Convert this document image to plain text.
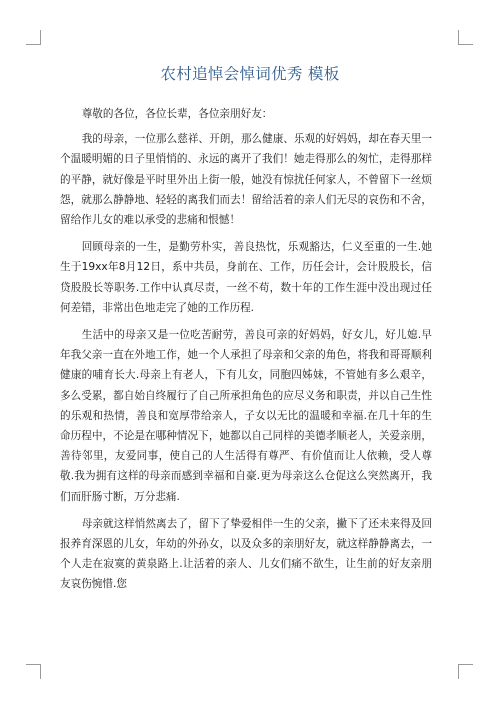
农村追悼会悼词优秀 模板

尊敬的各位，各位长辈，各位亲朋好友：

我的母亲，一位那么慈祥、开朗，那么健康、乐观的好妈妈，却在春天里一个温暖明媚的日子里悄悄的、永远的离开了我们！她走得那么的匆忙，走得那样的平静，就好像是平时里外出上街一般，她没有惊扰任何家人，不曾留下一丝烦怨，就那么静静地、轻轻的离我们而去！留给活着的亲人们无尽的哀伤和不舍，留给作儿女的难以承受的悲痛和恨憾！

回顾母亲的一生，是勤劳朴实，善良热忱，乐观豁达，仁义至重的一生.她生于19xx年8月12日，系中共员，身前在、工作，历任会计，会计股股长，信贷股股长等职务.工作中认真尽责，一丝不苟，数十年的工作生涯中没出现过任何差错，非常出色地走完了她的工作历程.

生活中的母亲又是一位吃苦耐劳，善良可亲的好妈妈，好女儿，好儿媳.早年我父亲一直在外地工作，她一个人承担了母亲和父亲的角色，将我和哥哥顺利健康的哺育长大.母亲上有老人，下有儿女，同胞四姊妹，不管她有多么艰辛，多么受累，都自始自终履行了自己所承担角色的应尽义务和职责，并以自己生性的乐观和热情，善良和宽厚带给亲人，子女以无比的温暖和幸福.在几十年的生命历程中，不论是在哪种情况下，她都以自己同样的美德孝顺老人，关爱亲朋，善待邻里，友爱同事，使自己的人生活得有尊严、有价值而让人依赖，受人尊敬.我为拥有这样的母亲而感到幸福和自豪.更为母亲这么仓促这么突然离开，我们而肝肠寸断，万分悲痛.

母亲就这样悄然离去了，留下了挚爱相伴一生的父亲，撇下了还未来得及回报养育深恩的儿女，年幼的外孙女，以及众多的亲朋好友，就这样静静离去，一个人走在寂寞的黄泉路上.让活着的亲人、儿女们痛不欲生，让生前的好友亲朋友哀伤惋惜.您
